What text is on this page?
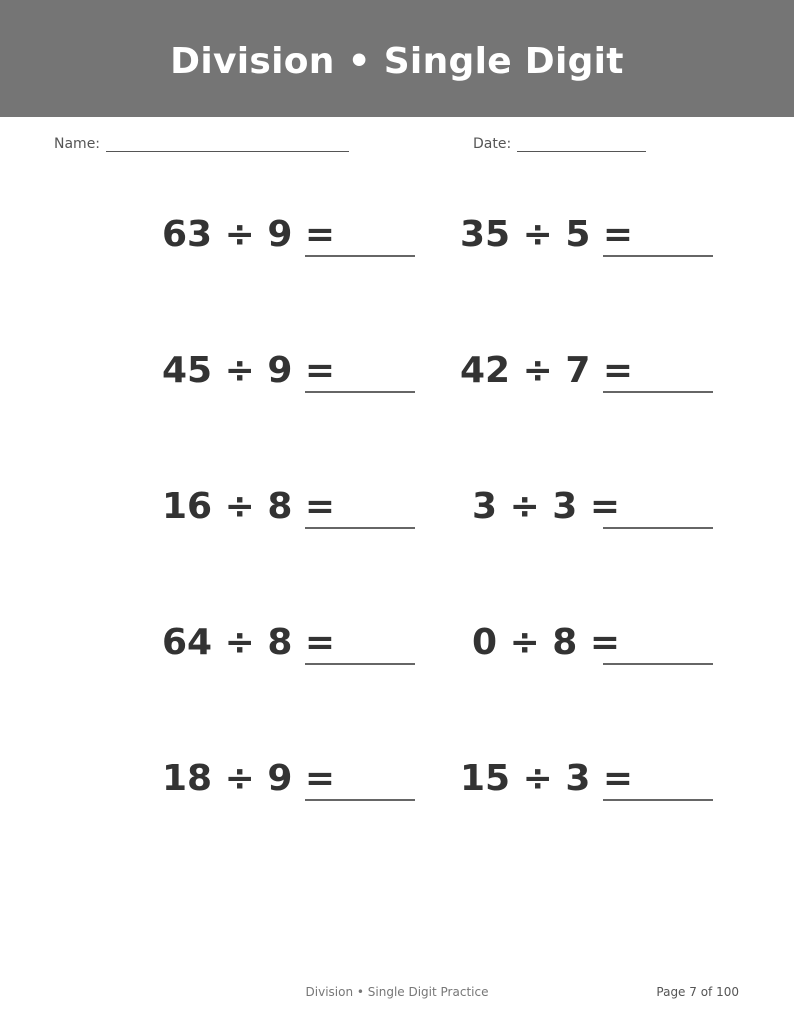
Division • Single Digit
Name:	Date:
63 ÷ 9 =
45 ÷ 9 =
16 ÷ 8 =
64 ÷ 8 =
18 ÷ 9 =
35 ÷ 5 =
42 ÷ 7 =
3 ÷ 3 =
0 ÷ 8 =
15 ÷ 3 =
Division • Single Digit Practice	Page 7 of 100
